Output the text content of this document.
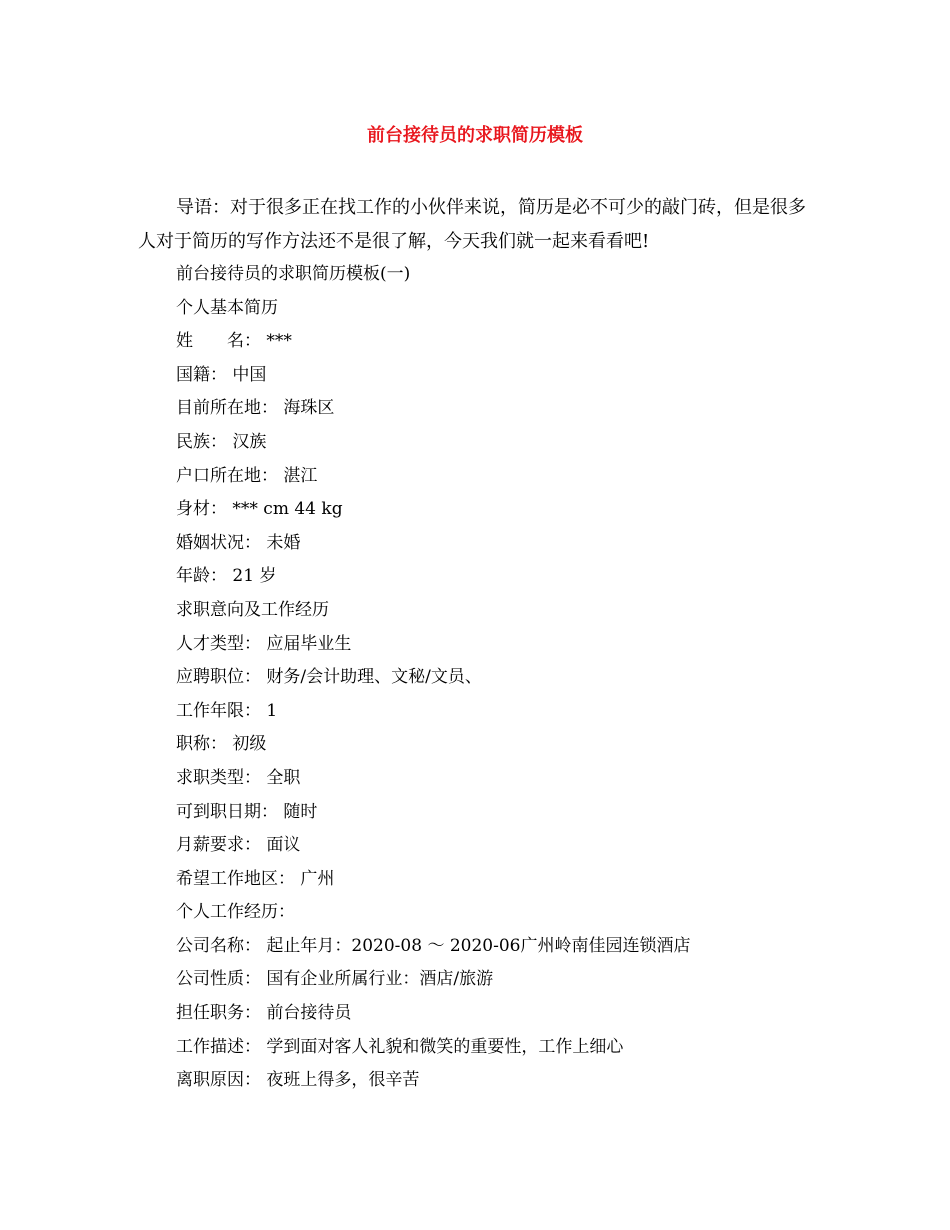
前台接待员的求职简历模板

导语：对于很多正在找工作的小伙伴来说，简历是必不可少的敲门砖，但是很多人对于简历的写作方法还不是很了解，今天我们就一起来看看吧!

前台接待员的求职简历模板(一)
个人基本简历
姓　　名： ***
国籍： 中国
目前所在地： 海珠区
民族： 汉族
户口所在地： 湛江
身材： *** cm 44 kg
婚姻状况： 未婚
年龄： 21 岁
求职意向及工作经历
人才类型： 应届毕业生
应聘职位： 财务/会计助理、文秘/文员、
工作年限： 1
职称： 初级
求职类型： 全职
可到职日期： 随时
月薪要求： 面议
希望工作地区： 广州
个人工作经历：
公司名称： 起止年月：2020-08 ～ 2020-06广州岭南佳园连锁酒店
公司性质： 国有企业所属行业：酒店/旅游
担任职务： 前台接待员
工作描述： 学到面对客人礼貌和微笑的重要性，工作上细心
离职原因： 夜班上得多，很辛苦
